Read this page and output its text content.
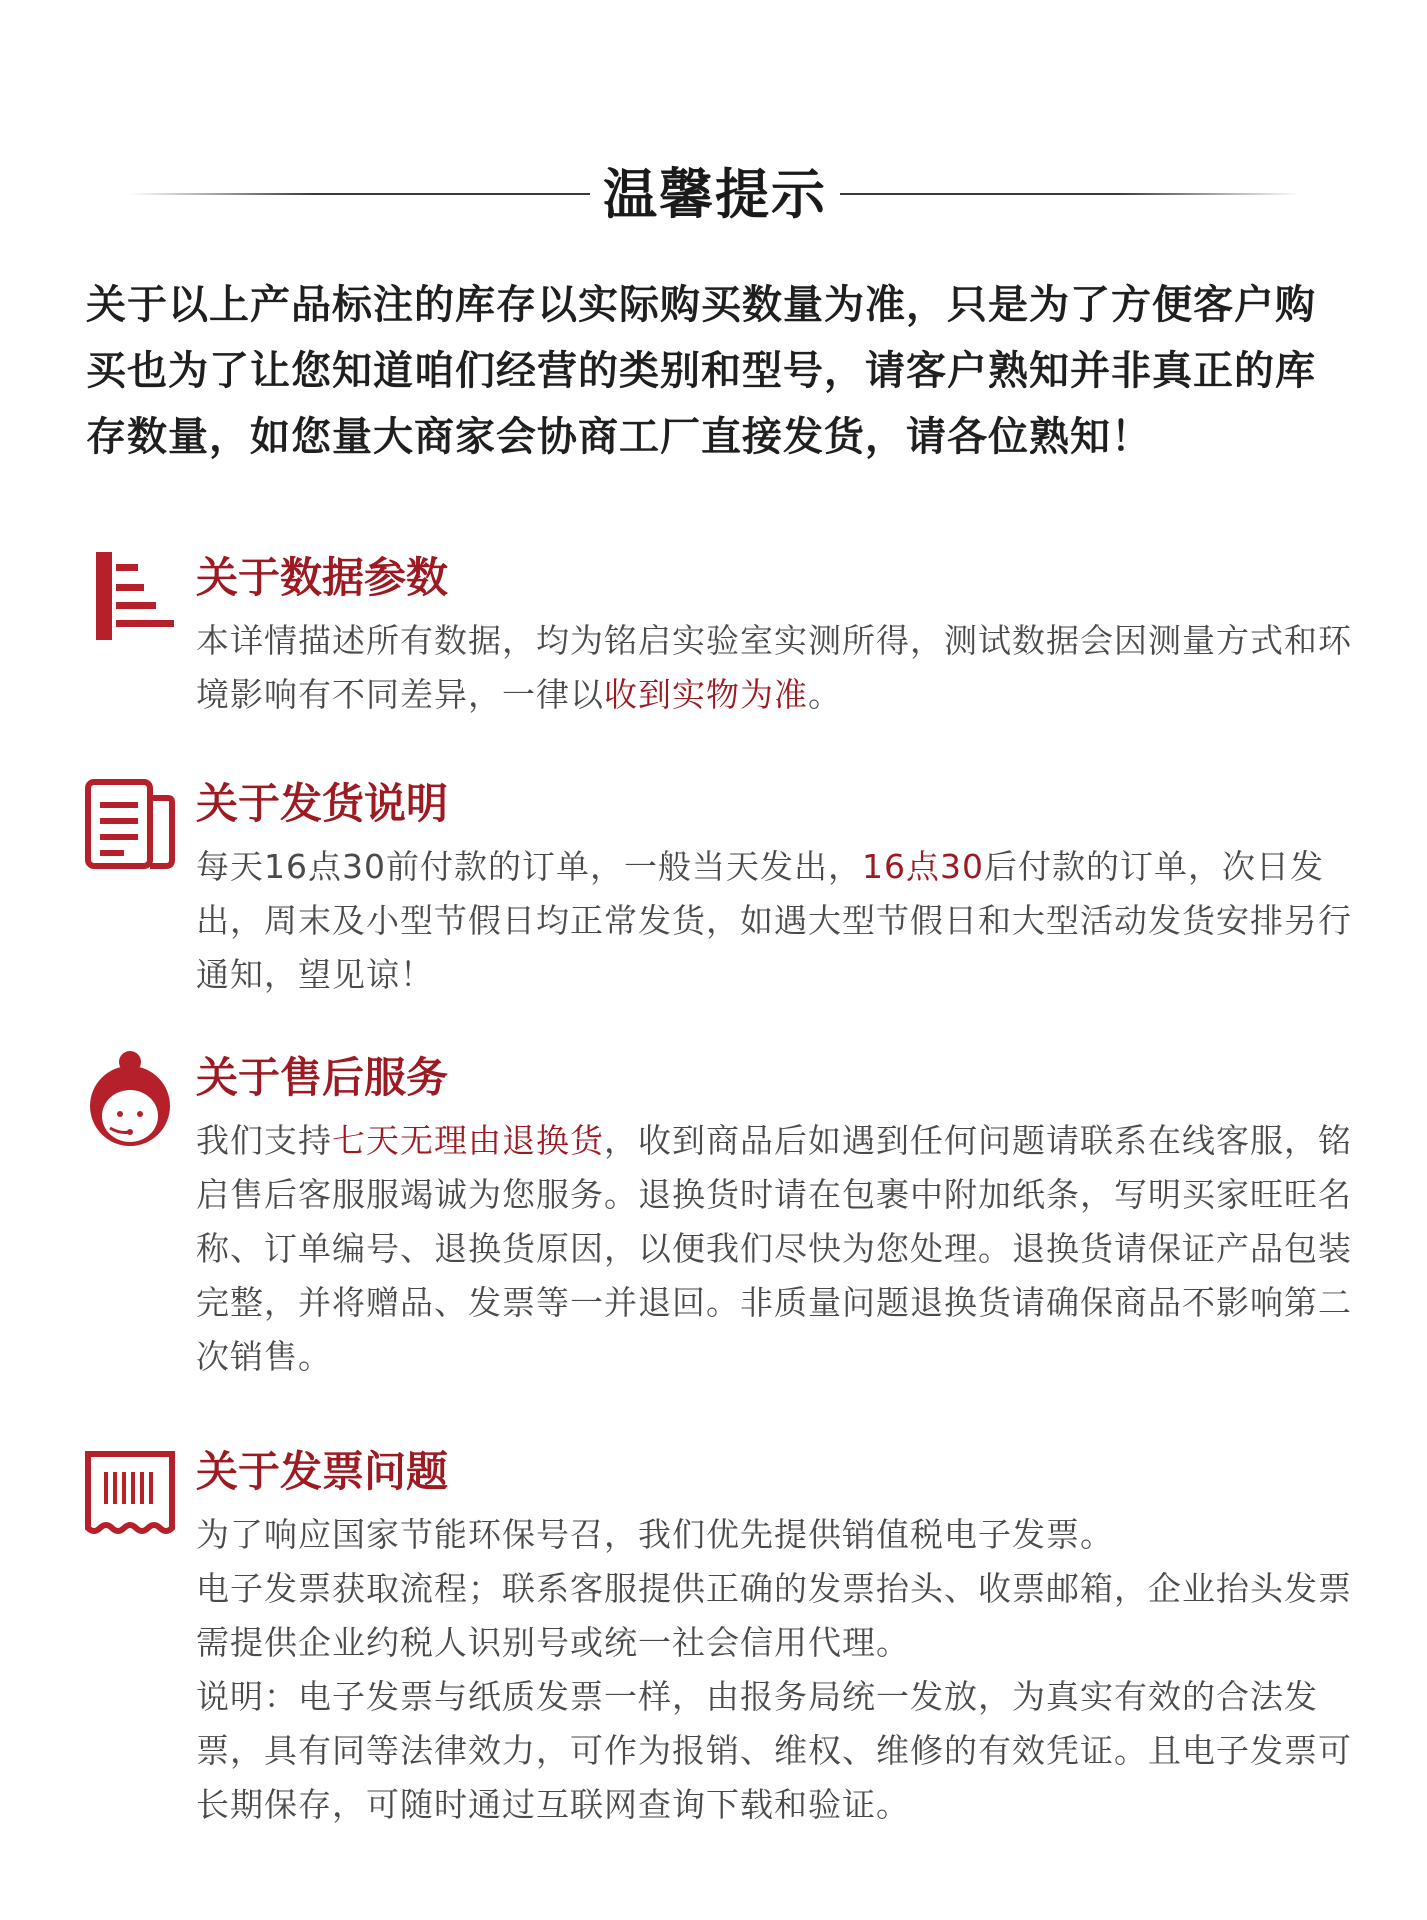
温馨提示

关于以上产品标注的库存以实际购买数量为准，只是为了方便客户购买也为了让您知道咱们经营的类别和型号，请客户熟知并非真正的库存数量，如您量大商家会协商工厂直接发货，请各位熟知！

关于数据参数

本详情描述所有数据，均为铭启实验室实测所得，测试数据会因测量方式和环境影响有不同差异，一律以收到实物为准。

关于发货说明

每天16点30前付款的订单，一般当天发出，16点30后付款的订单，次日发出，周末及小型节假日均正常发货，如遇大型节假日和大型活动发货安排另行通知，望见谅！

关于售后服务

我们支持七天无理由退换货，收到商品后如遇到任何问题请联系在线客服，铭启售后客服服竭诚为您服务。退换货时请在包裹中附加纸条，写明买家旺旺名称、订单编号、退换货原因，以便我们尽快为您处理。退换货请保证产品包装完整，并将赠品、发票等一并退回。非质量问题退换货请确保商品不影响第二次销售。

关于发票问题

为了响应国家节能环保号召，我们优先提供销值税电子发票。

电子发票获取流程；联系客服提供正确的发票抬头、收票邮箱，企业抬头发票需提供企业约税人识别号或统一社会信用代理。

说明：电子发票与纸质发票一样，由报务局统一发放，为真实有效的合法发票，具有同等法律效力，可作为报销、维权、维修的有效凭证。且电子发票可长期保存，可随时通过互联网查询下载和验证。
